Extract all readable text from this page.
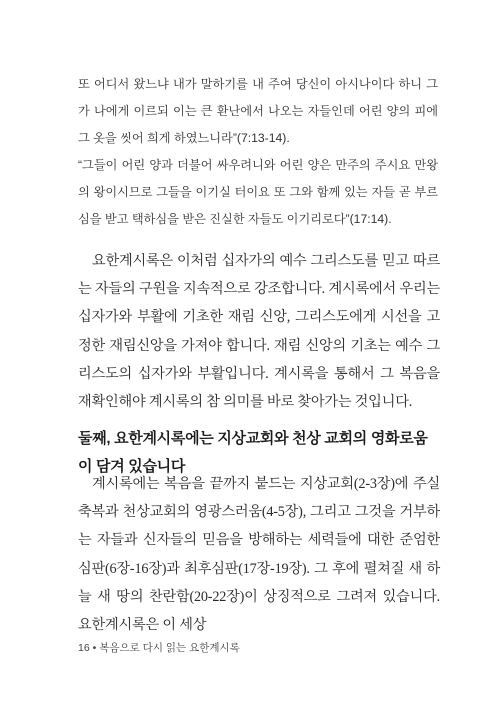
또 어디서 왔느냐 내가 말하기를 내 주여 당신이 아시나이다 하니 그가 나에게 이르되 이는 큰 환난에서 나오는 자들인데 어린 양의 피에 그 옷을 씻어 희게 하였느니라”(7:13-14).
“그들이 어린 양과 더불어 싸우려니와 어린 양은 만주의 주시요 만왕의 왕이시므로 그들을 이기실 터이요 또 그와 함께 있는 자들 곧 부르심을 받고 택하심을 받은 진실한 자들도 이기리로다”(17:14).
요한계시록은 이처럼 십자가의 예수 그리스도를 믿고 따르는 자들의 구원을 지속적으로 강조합니다. 계시록에서 우리는 십자가와 부활에 기초한 재림 신앙, 그리스도에게 시선을 고정한 재림신앙을 가져야 합니다. 재림 신앙의 기초는 예수 그리스도의 십자가와 부활입니다. 계시록을 통해서 그 복음을 재확인해야 계시록의 참 의미를 바로 찾아가는 것입니다.
둘째, 요한계시록에는 지상교회와 천상 교회의 영화로움이 담겨 있습니다
계시록에는 복음을 끝까지 붙드는 지상교회(2-3장)에 주실 축복과 천상교회의 영광스러움(4-5장), 그리고 그것을 거부하는 자들과 신자들의 믿음을 방해하는 세력들에 대한 준엄한 심판(6장-16장)과 최후심판(17장-19장). 그 후에 펼쳐질 새 하늘 새 땅의 찬란함(20-22장)이 상징적으로 그려져 있습니다. 요한계시록은 이 세상
16 • 복음으로 다시 읽는 요한계시록
